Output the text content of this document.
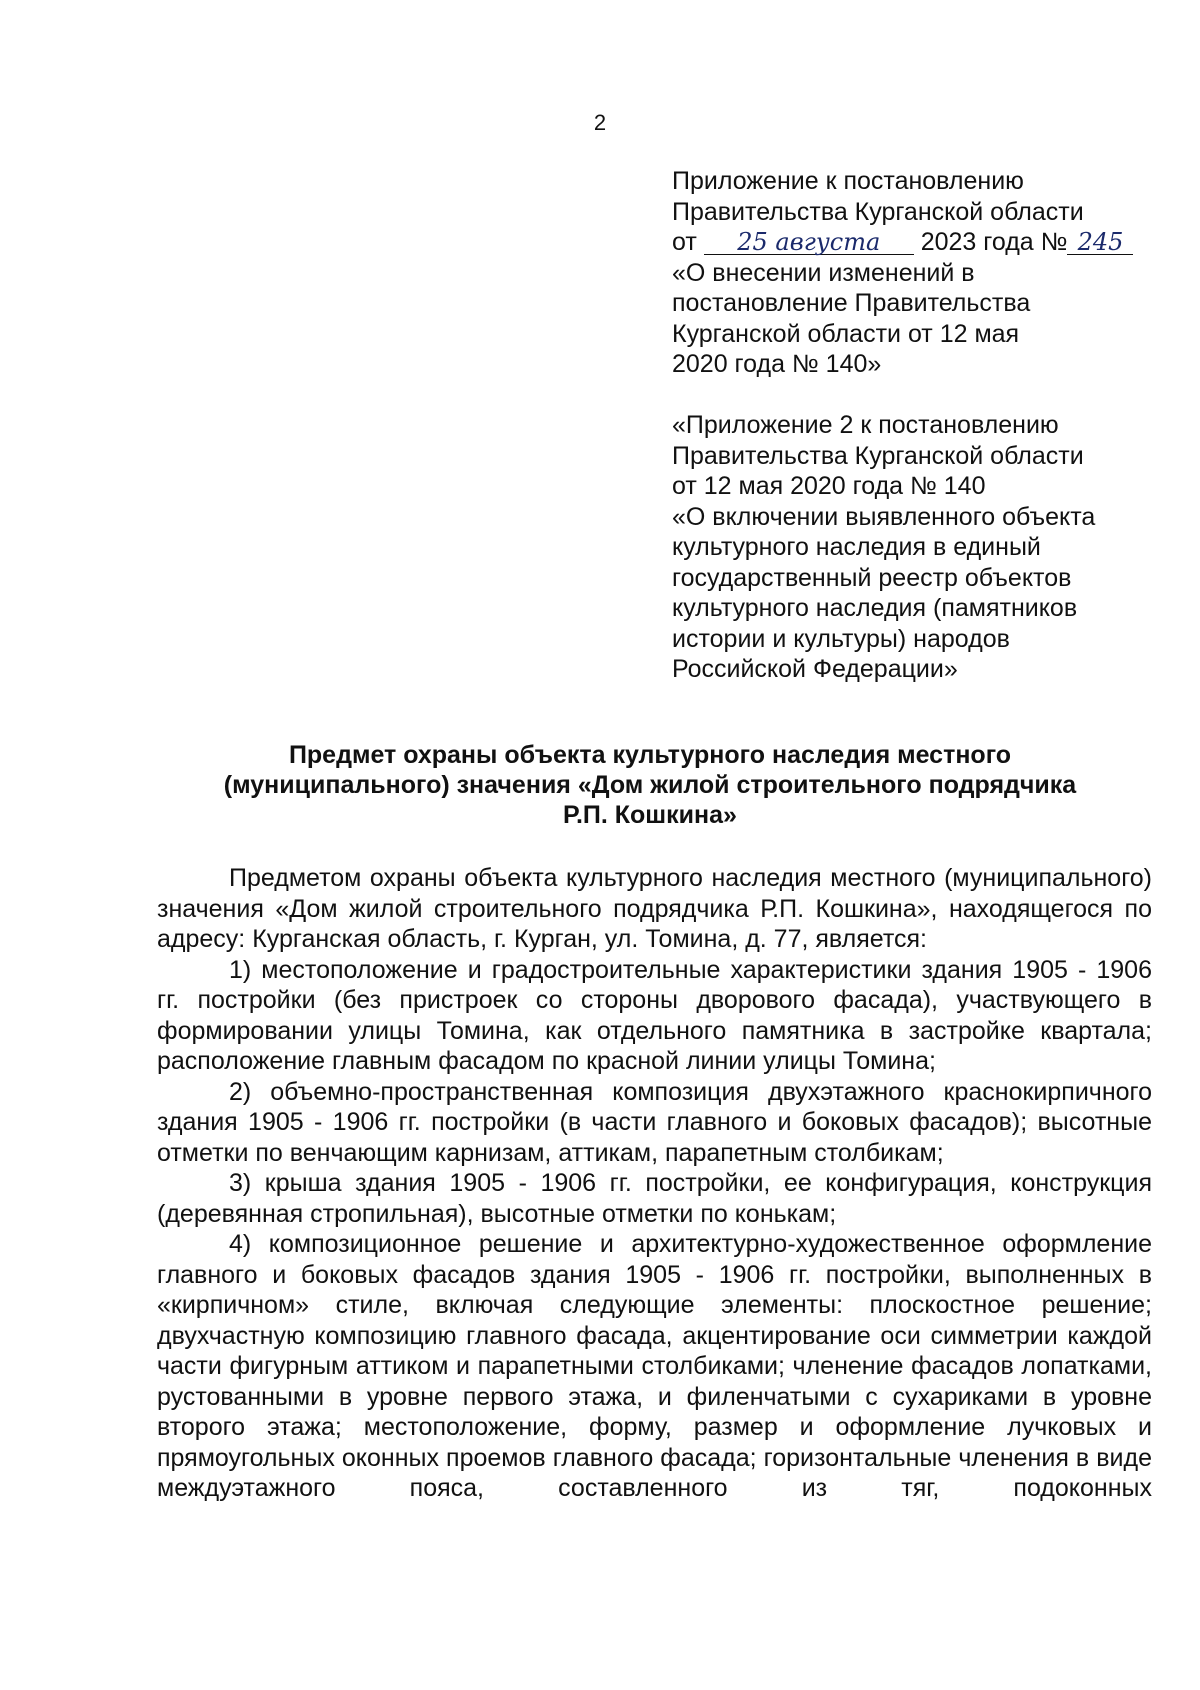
2
Приложение к постановлению
Правительства Курганской области
от 25 августа 2023 года № 245
«О внесении изменений в
постановление Правительства
Курганской области от 12 мая
2020 года № 140»
«Приложение 2 к постановлению
Правительства Курганской области
от 12 мая 2020 года № 140
«О включении выявленного объекта
культурного наследия в единый
государственный реестр объектов
культурного наследия (памятников
истории и культуры) народов
Российской Федерации»
Предмет охраны объекта культурного наследия местного
(муниципального) значения «Дом жилой строительного подрядчика
Р.П. Кошкина»

Предметом охраны объекта культурного наследия местного (муниципального) значения «Дом жилой строительного подрядчика Р.П. Кошкина», находящегося по адресу: Курганская область, г. Курган, ул. Томина, д. 77, является:

1) местоположение и градостроительные характеристики здания 1905 - 1906 гг. постройки (без пристроек со стороны дворового фасада), участвующего в формировании улицы Томина, как отдельного памятника в застройке квартала; расположение главным фасадом по красной линии улицы Томина;

2) объемно-пространственная композиция двухэтажного краснокирпичного здания 1905 - 1906 гг. постройки (в части главного и боковых фасадов); высотные отметки по венчающим карнизам, аттикам, парапетным столбикам;

3) крыша здания 1905 - 1906 гг. постройки, ее конфигурация, конструкция (деревянная стропильная), высотные отметки по конькам;

4) композиционное решение и архитектурно-художественное оформление главного и боковых фасадов здания 1905 - 1906 гг. постройки, выполненных в «кирпичном» стиле, включая следующие элементы: плоскостное решение; двухчастную композицию главного фасада, акцентирование оси симметрии каждой части фигурным аттиком и парапетными столбиками; членение фасадов лопатками, рустованными в уровне первого этажа, и филенчатыми с сухариками в уровне второго этажа; местоположение, форму, размер и оформление лучковых и прямоугольных оконных проемов главного фасада; горизонтальные членения в виде междуэтажного пояса, составленного из тяг, подоконных
